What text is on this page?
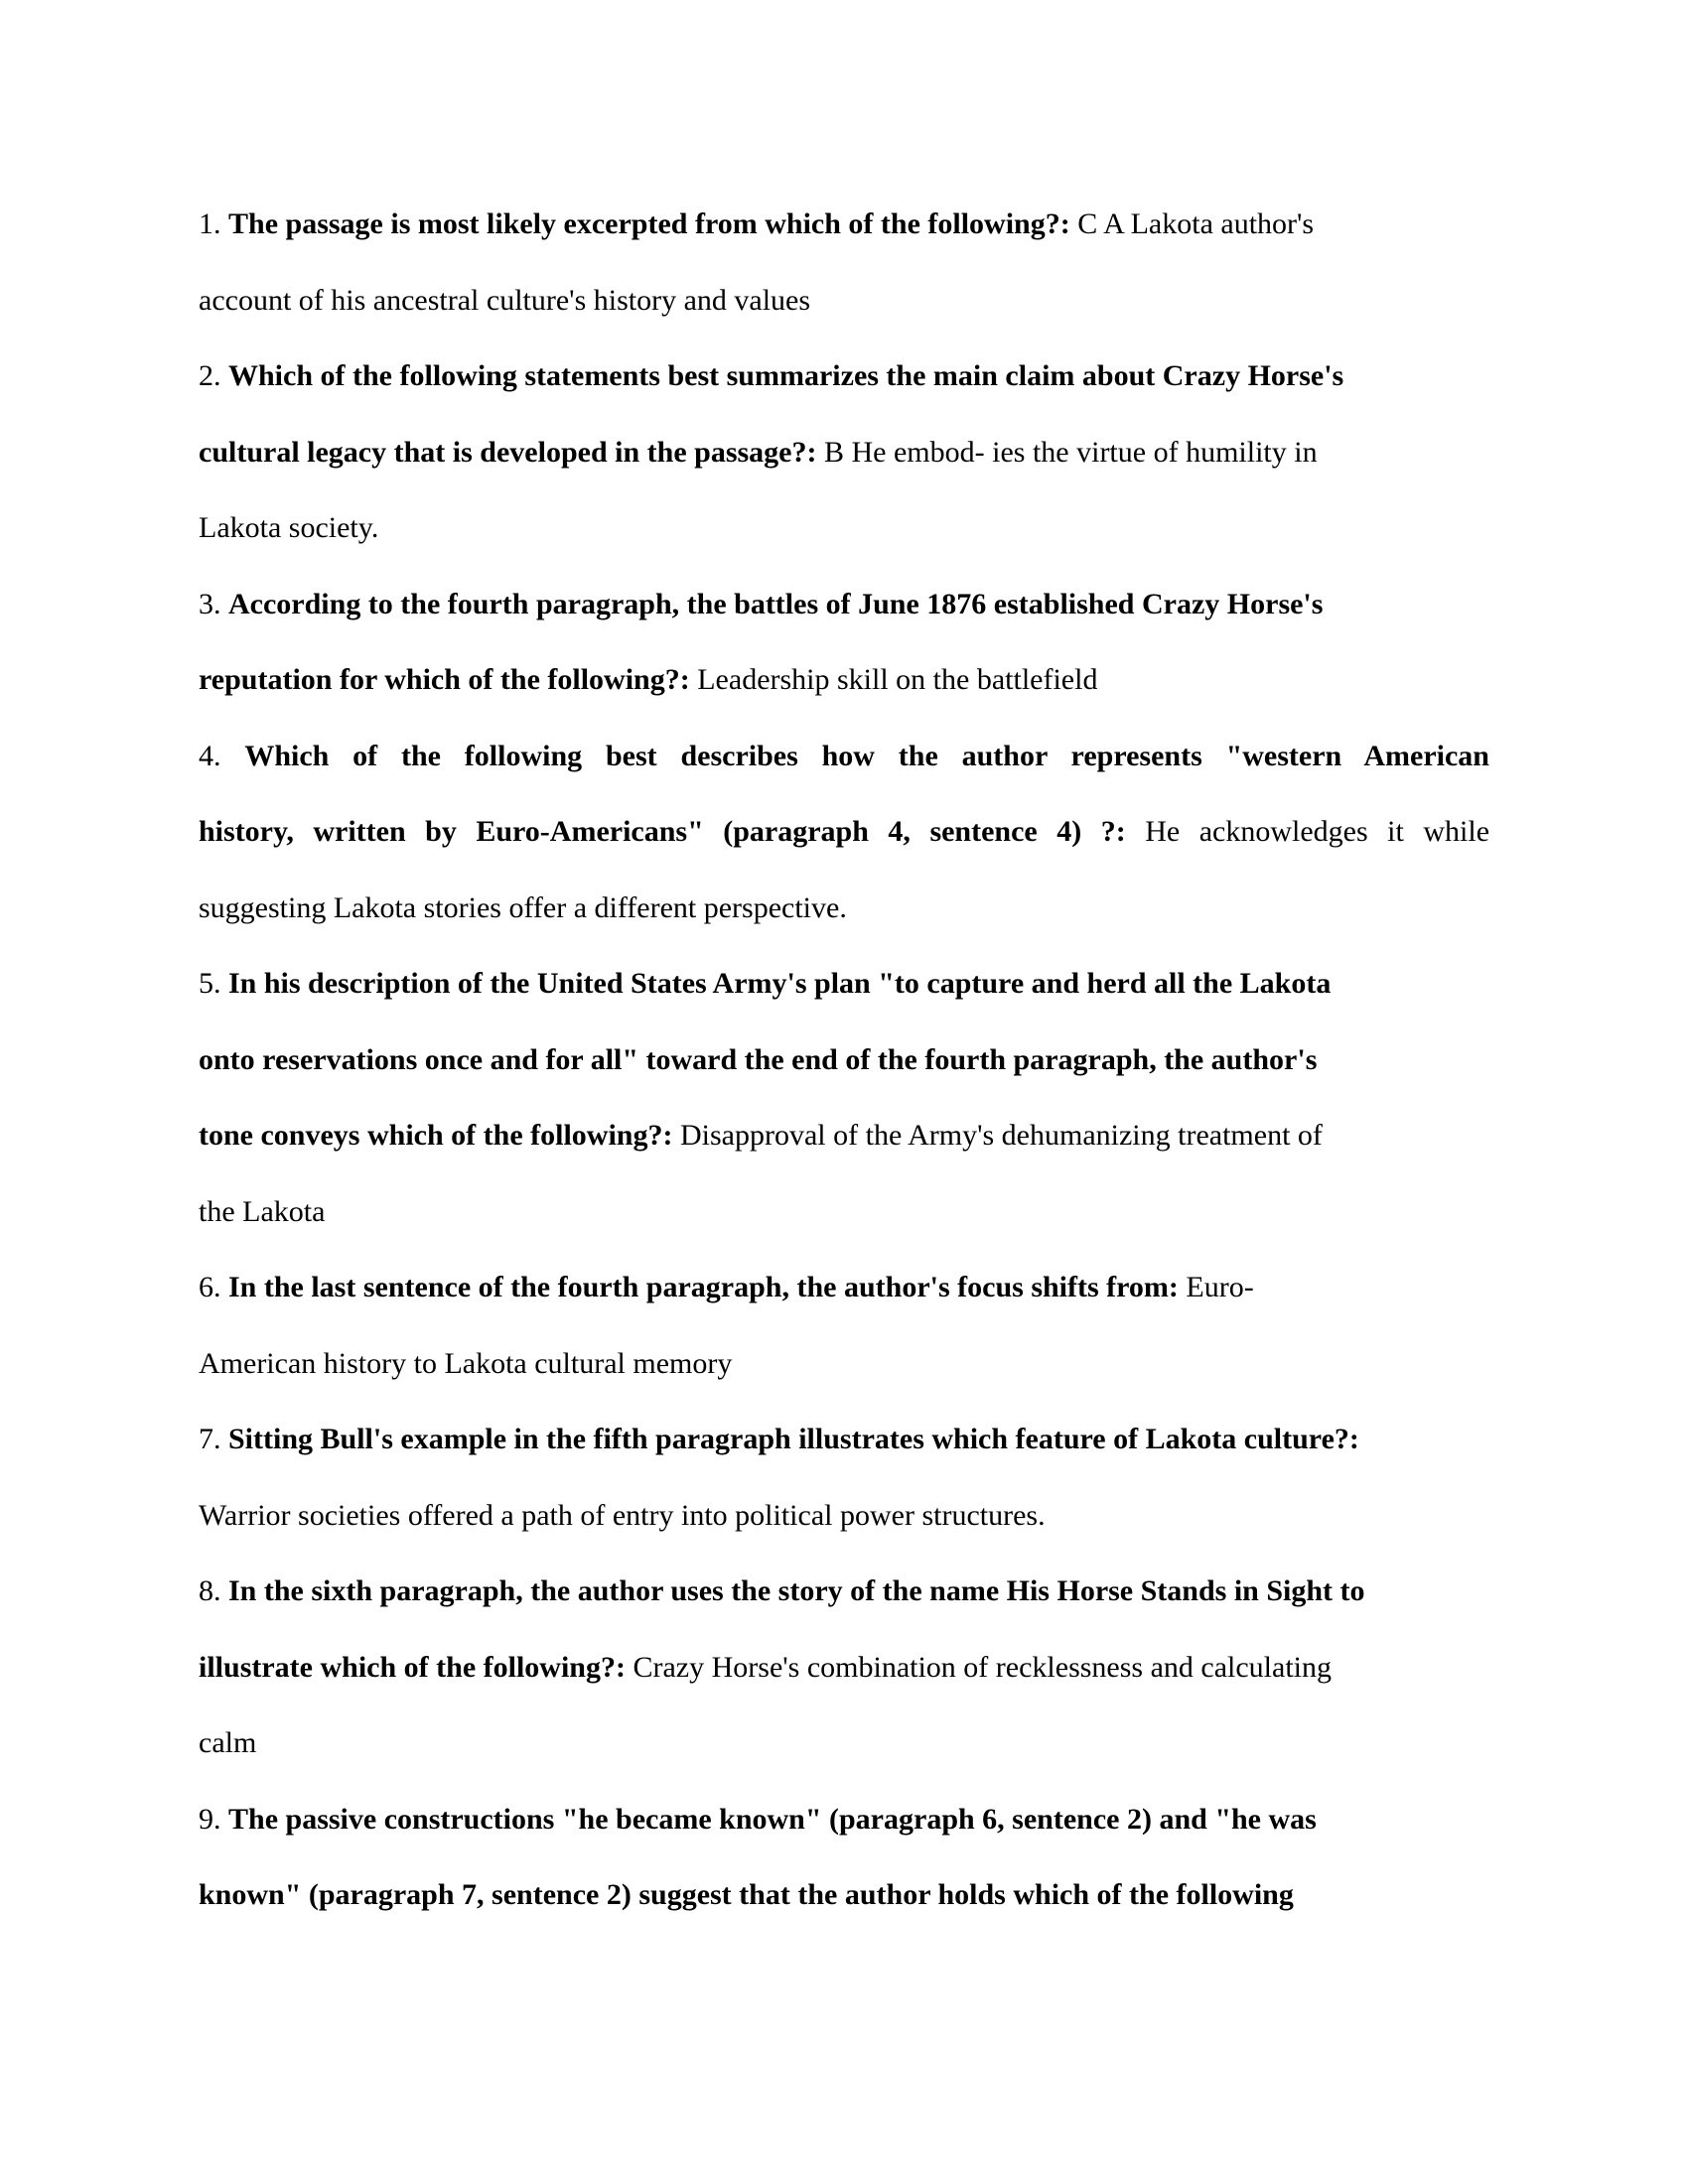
1. The passage is most likely excerpted from which of the following?: C A Lakota author's
account of his ancestral culture's history and values
2. Which of the following statements best summarizes the main claim about Crazy Horse's
cultural legacy that is developed in the passage?: B He embod- ies the virtue of humility in
Lakota society.
3. According to the fourth paragraph, the battles of June 1876 established Crazy Horse's
reputation for which of the following?: Leadership skill on the battlefield
4. Which of the following best describes how the author represents "western American
history, written by Euro-Americans" (paragraph 4, sentence 4) ?: He acknowledges it while
suggesting Lakota stories offer a different perspective.
5. In his description of the United States Army's plan "to capture and herd all the Lakota
onto reservations once and for all" toward the end of the fourth paragraph, the author's
tone conveys which of the following?: Disapproval of the Army's dehumanizing treatment of
the Lakota
6. In the last sentence of the fourth paragraph, the author's focus shifts from: Euro-
American history to Lakota cultural memory
7. Sitting Bull's example in the fifth paragraph illustrates which feature of Lakota culture?:
Warrior societies offered a path of entry into political power structures.
8. In the sixth paragraph, the author uses the story of the name His Horse Stands in Sight to
illustrate which of the following?: Crazy Horse's combination of recklessness and calculating
calm
9. The passive constructions "he became known" (paragraph 6, sentence 2) and "he was
known" (paragraph 7, sentence 2) suggest that the author holds which of the following
